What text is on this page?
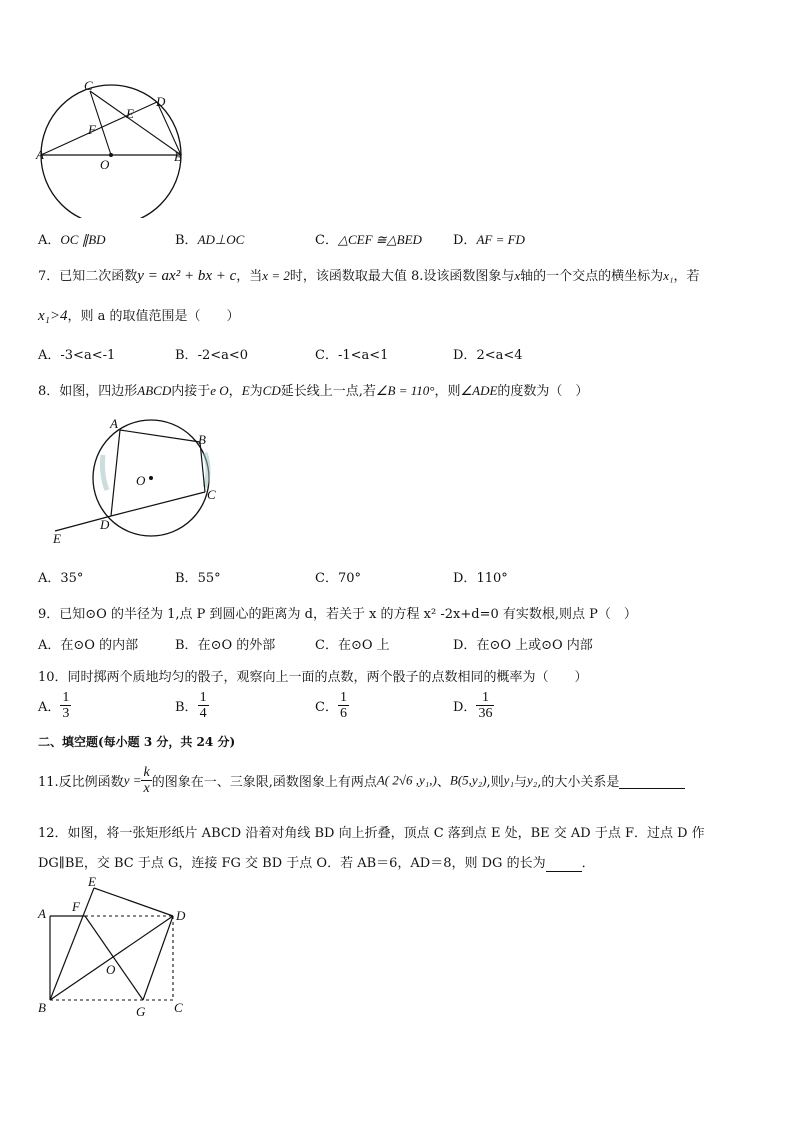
C
D
E
F
A
O
B
A．OC ∥BD	B．AD⊥OC	C．△CEF ≅△BED D．AF = FD
7．已知二次函数y = ax² + bx + c，当x = 2时，该函数取最大值 8.设该函数图象与x轴的一个交点的横坐标为x₁，若
x₁>4，则 a 的取值范围是（　　）
A．-3<a<-1	B．-2<a<0	C．-1<a<1	D．2<a<4
8．如图，四边形ABCD内接于e O，E为CD延长线上一点,若∠B = 110°，则∠ADE的度数为（　）
A
B
C
O
D
E
A．35°	B．55°	C．70°	D．110°
9．已知⊙O 的半径为 1,点 P 到圆心的距离为 d，若关于 x 的方程 x² -2x+d=0 有实数根,则点 P（　）
A．在⊙O 的内部	B．在⊙O 的外部	C．在⊙O 上	D．在⊙O 上或⊙O 内部
10．同时掷两个质地均匀的骰子，观察向上一面的点数，两个骰子的点数相同的概率为（　　）
A． $\frac{1}{3}$	B． $\frac{1}{4}$	C． $\frac{1}{6}$	D． $\frac{1}{36}$
二、填空题(每小题 3 分，共 24 分)
11.反比例函数$y = \frac{k}{x}$ 的图象在一、三象限,函数图象上有两点A( 2√6 ,y₁,)、B(5,y₂),则y₁与y₂,的大小关系是
12．如图，将一张矩形纸片 ABCD 沿着对角线 BD 向上折叠，顶点 C 落到点 E 处，BE 交 AD 于点 F．过点 D 作
DG∥BE，交 BC 于点 G，连接 FG 交 BD 于点 O．若 AB＝6，AD＝8，则 DG 的长为	．
E
A F
D
O
B	G C
